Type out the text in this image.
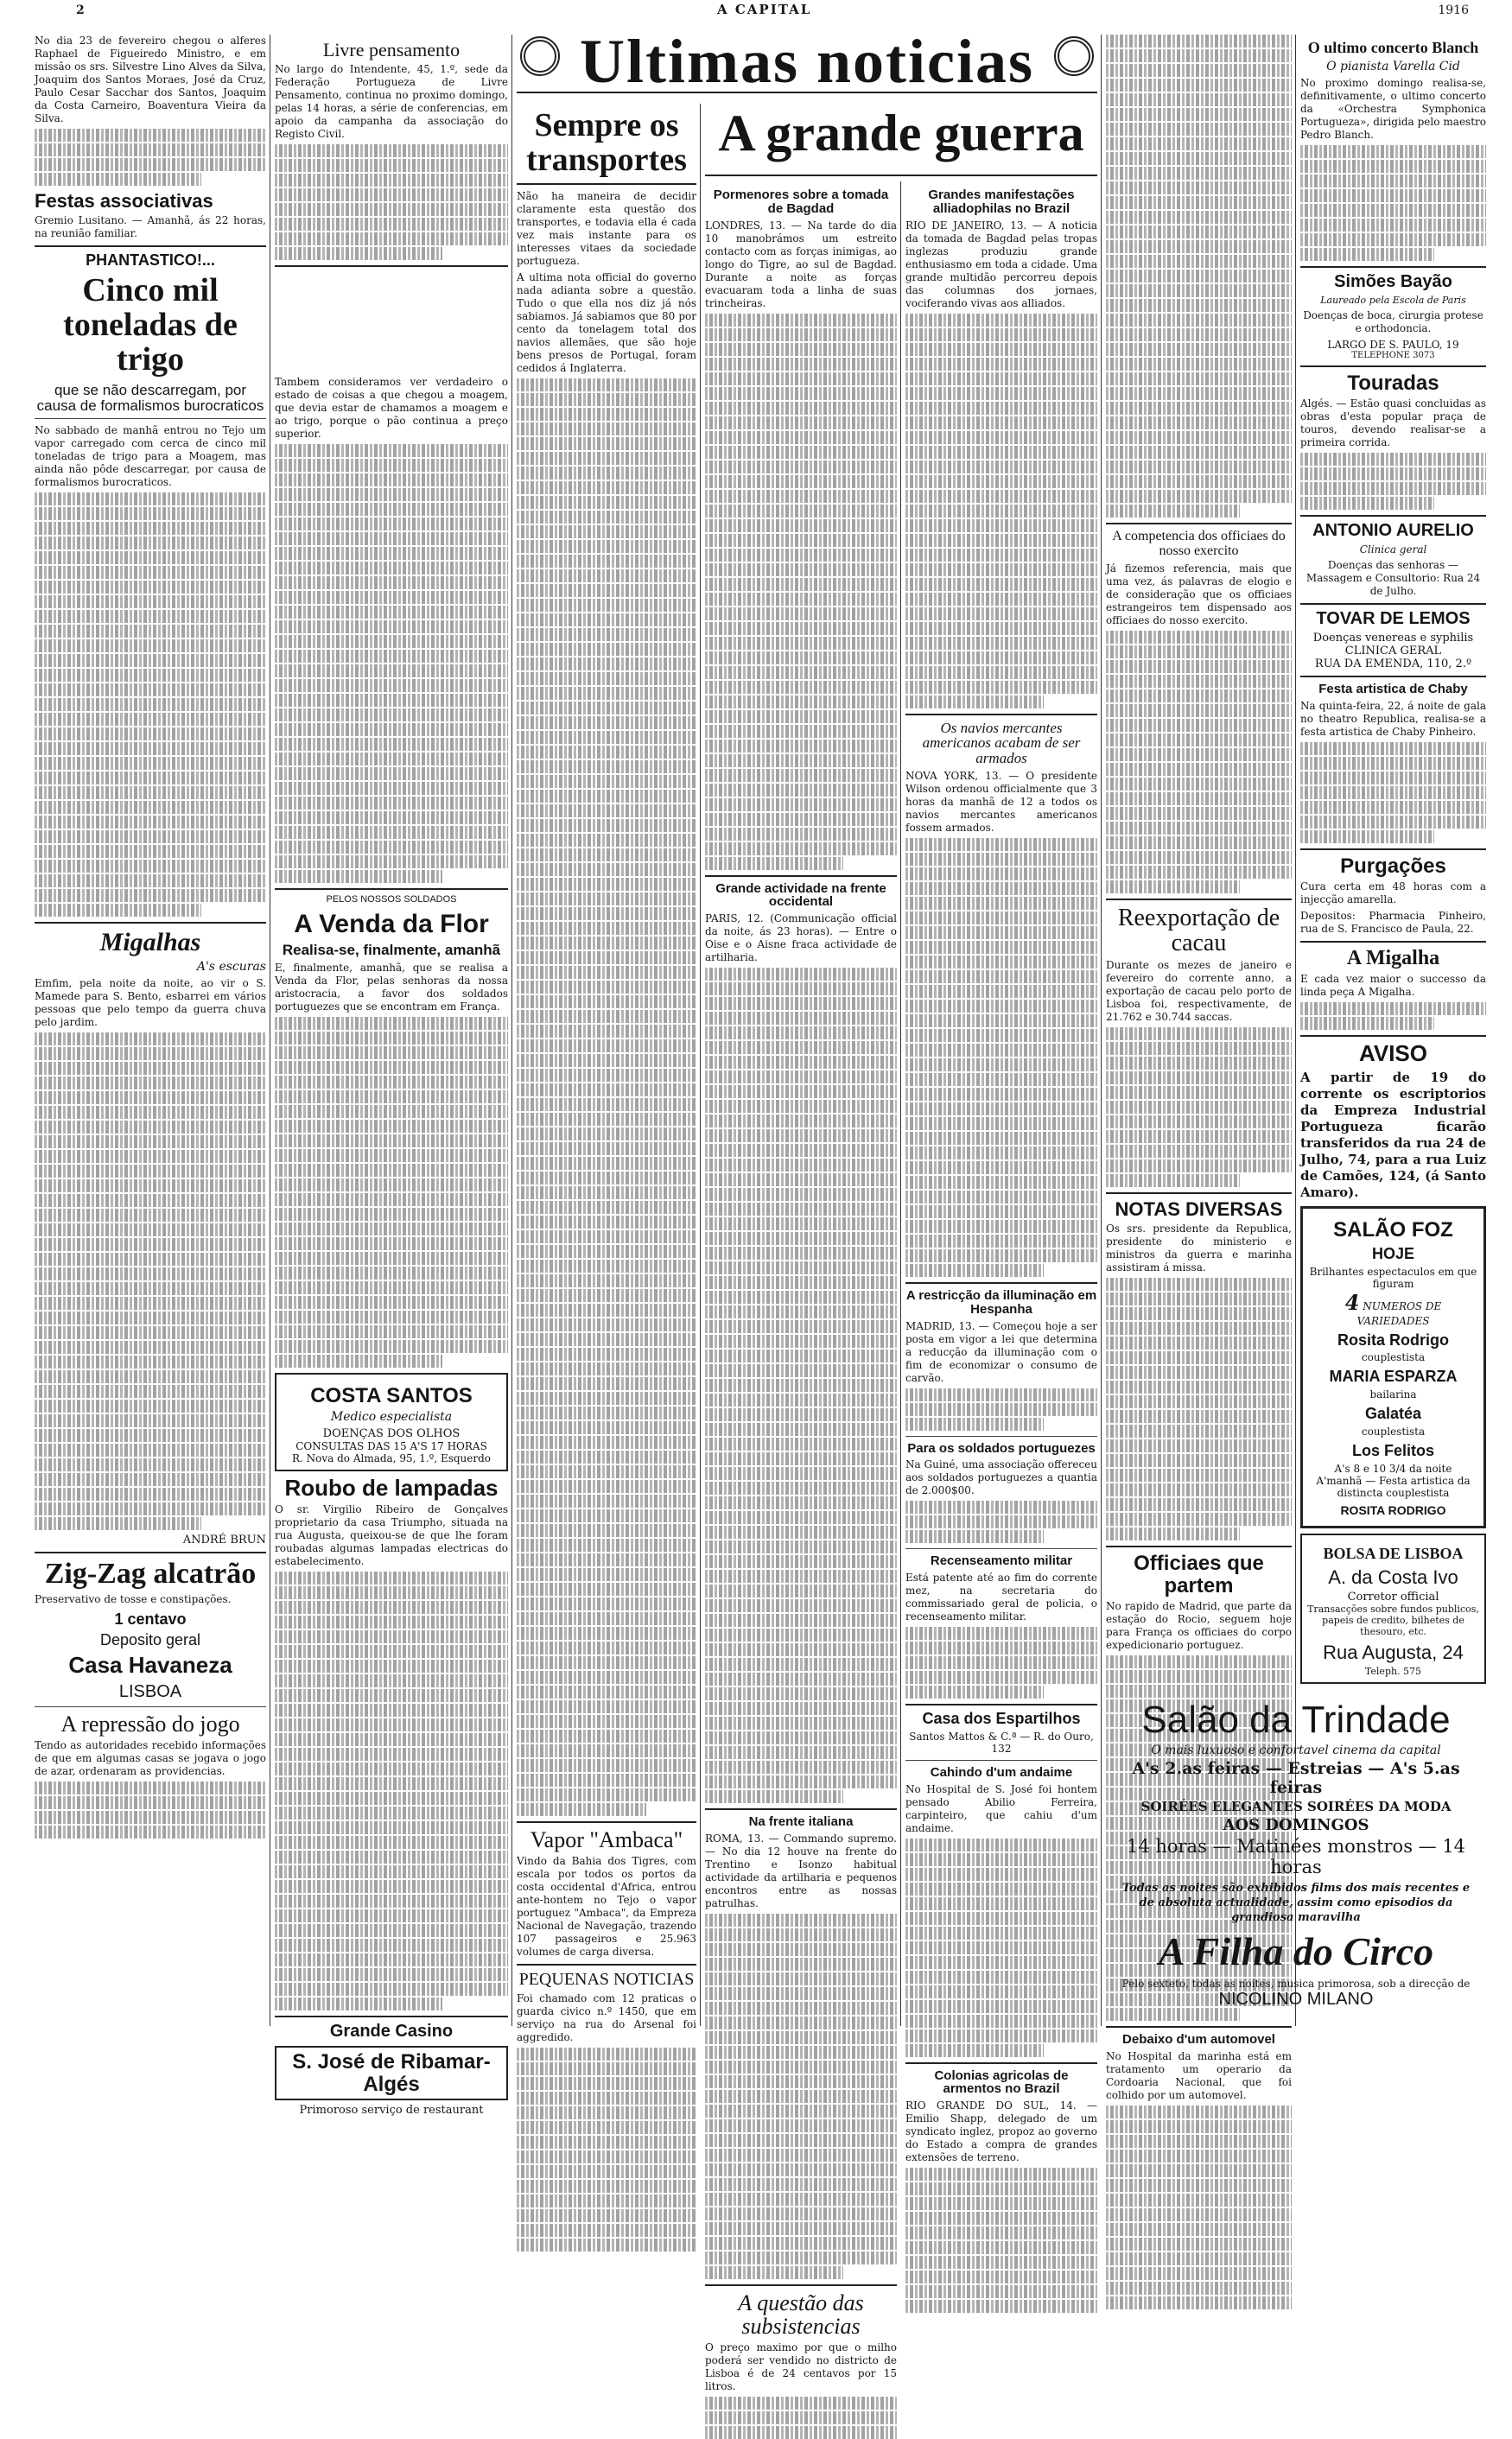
2	A CAPITAL	1916
Ultimas noticias
A grande guerra

No dia 23 de fevereiro chegou o alferes Raphael de Figueiredo Ministro, e em missão os srs. Silvestre Lino Alves da Silva, Joaquim dos Santos Moraes, José da Cruz, Paulo Cesar Sacchar dos Santos, Joaquim da Costa Carneiro, Boaventura Vieira da Silva.

Festas associativas

Gremio Lusitano. — Amanhã, ás 22 horas, na reunião familiar.

PHANTASTICO!...
Cinco mil toneladas de trigo
que se não descarregam, por causa de formalismos burocraticos

No sabbado de manhã entrou no Tejo um vapor carregado com cerca de cinco mil toneladas de trigo para a Moagem, mas ainda não pôde descarregar, por causa de formalismos burocraticos.

Migalhas
A's escuras

Emfim, pela noite da noite, ao vir o S. Mamede para S. Bento, esbarrei em vários pessoas que pelo tempo da guerra chuva pelo jardim.

ANDRÉ BRUN
Zig-Zag alcatrão

Preservativo de tosse e constipações.

1 centavo
Deposito geral
Casa Havaneza
LISBOA
A repressão do jogo

Tendo as autoridades recebido informações de que em algumas casas se jogava o jogo de azar, ordenaram as providencias.

Livre pensamento

No largo do Intendente, 45, 1.º, sede da Federação Portugueza de Livre Pensamento, continua no proximo domingo, pelas 14 horas, a série de conferencias, em apoio da campanha da associação do Registo Civil.

Tambem consideramos ver verdadeiro o estado de coisas a que chegou a moagem, que devia estar de chamamos a moagem e ao trigo, porque o pão continua a preço superior.

PELOS NOSSOS SOLDADOS
A Venda da Flor
Realisa-se, finalmente, amanhã

E, finalmente, amanhã, que se realisa a Venda da Flor, pelas senhoras da nossa aristocracia, a favor dos soldados portuguezes que se encontram em França.

COSTA SANTOS
Medico especialista
DOENÇAS DOS OLHOS
CONSULTAS DAS 15 A'S 17 HORAS
R. Nova do Almada, 95, 1.º, Esquerdo
Roubo de lampadas

O sr. Virgilio Ribeiro de Gonçalves proprietario da casa Triumpho, situada na rua Augusta, queixou-se de que lhe foram roubadas algumas lampadas electricas do estabelecimento.

Grande Casino
S. José de Ribamar-Algés
Primoroso serviço de restaurant
Sempre os transportes

Não ha maneira de decidir claramente esta questão dos transportes, e todavia ella é cada vez mais instante para os interesses vitaes da sociedade portugueza.

A ultima nota official do governo nada adianta sobre a questão. Tudo o que ella nos diz já nós sabiamos. Já sabiamos que 80 por cento da tonelagem total dos navios allemães, que são hoje bens presos de Portugal, foram cedidos á Inglaterra.

Vapor "Ambaca"

Vindo da Bahia dos Tigres, com escala por todos os portos da costa occidental d'Africa, entrou ante-hontem no Tejo o vapor portuguez "Ambaca", da Empreza Nacional de Navegação, trazendo 107 passageiros e 25.963 volumes de carga diversa.

PEQUENAS NOTICIAS

Foi chamado com 12 praticas o guarda civico n.º 1450, que em serviço na rua do Arsenal foi aggredido.

Pormenores sobre a tomada de Bagdad

LONDRES, 13. — Na tarde do dia 10 manobrámos um estreito contacto com as forças inimigas, ao longo do Tigre, ao sul de Bagdad. Durante a noite as forças evacuaram toda a linha de suas trincheiras.

Grande actividade na frente occidental

PARIS, 12. (Communicação official da noite, ás 23 horas). — Entre o Oise e o Aisne fraca actividade de artilharia.

Na frente italiana

ROMA, 13. — Commando supremo. — No dia 12 houve na frente do Trentino e Isonzo habitual actividade da artilharia e pequenos encontros entre as nossas patrulhas.

A questão das subsistencias

O preço maximo por que o milho poderá ser vendido no districto de Lisboa é de 24 centavos por 15 litros.

Grandes manifestações alliadophilas no Brazil

RIO DE JANEIRO, 13. — A noticia da tomada de Bagdad pelas tropas inglezas produziu grande enthusiasmo em toda a cidade. Uma grande multidão percorreu depois das columnas dos jornaes, vociferando vivas aos alliados.

Os navios mercantes americanos acabam de ser armados

NOVA YORK, 13. — O presidente Wilson ordenou officialmente que 3 horas da manhã de 12 a todos os navios mercantes americanos fossem armados.

A restricção da illuminação em Hespanha

MADRID, 13. — Começou hoje a ser posta em vigor a lei que determina a reducção da illuminação com o fim de economizar o consumo de carvão.

Para os soldados portuguezes

Na Guiné, uma associação offereceu aos soldados portuguezes a quantia de 2.000$00.

Recenseamento militar

Está patente até ao fim do corrente mez, na secretaria do commissariado geral de policia, o recenseamento militar.

Casa dos Espartilhos
Santos Mattos & C.ª — R. do Ouro, 132
Cahindo d'um andaime

No Hospital de S. José foi hontem pensado Abilio Ferreira, carpinteiro, que cahiu d'um andaime.

Colonias agricolas de armentos no Brazil

RIO GRANDE DO SUL, 14. — Emilio Shapp, delegado de um syndicato inglez, propoz ao governo do Estado a compra de grandes extensões de terreno.

A competencia dos officiaes do nosso exercito

Já fizemos referencia, mais que uma vez, ás palavras de elogio e de consideração que os officiaes estrangeiros tem dispensado aos officiaes do nosso exercito.

Reexportação de cacau

Durante os mezes de janeiro e fevereiro do corrente anno, a exportação de cacau pelo porto de Lisboa foi, respectivamente, de 21.762 e 30.744 saccas.

NOTAS DIVERSAS

Os srs. presidente da Republica, presidente do ministerio e ministros da guerra e marinha assistiram á missa.

Officiaes que partem

No rapido de Madrid, que parte da estação do Rocio, seguem hoje para França os officiaes do corpo expedicionario portuguez.

Debaixo d'um automovel

No Hospital da marinha está em tratamento um operario da Cordoaria Nacional, que foi colhido por um automovel.

O ultimo concerto Blanch
O pianista Varella Cid

No proximo domingo realisa-se, definitivamente, o ultimo concerto da «Orchestra Symphonica Portugueza», dirigida pelo maestro Pedro Blanch.

Simões Bayão
Laureado pela Escola de Paris

Doenças de boca, cirurgia protese e orthodoncia.

LARGO DE S. PAULO, 19
TELEPHONE 3073
Touradas

Algés. — Estão quasi concluidas as obras d'esta popular praça de touros, devendo realisar-se a primeira corrida.

ANTONIO AURELIO
Clinica geral

Doenças das senhoras — Massagem e Consultorio: Rua 24 de Julho.

TOVAR DE LEMOS
Doenças venereas e syphilis
CLINICA GERAL
RUA DA EMENDA, 110, 2.º
Festa artistica de Chaby

Na quinta-feira, 22, á noite de gala no theatro Republica, realisa-se a festa artistica de Chaby Pinheiro.

Purgações

Cura certa em 48 horas com a injecção amarella.

Depositos: Pharmacia Pinheiro, rua de S. Francisco de Paula, 22.

A Migalha

E cada vez maior o successo da linda peça A Migalha.

AVISO

A partir de 19 do corrente os escriptorios da Empreza Industrial Portugueza ficarão transferidos da rua 24 de Julho, 74, para a rua Luiz de Camões, 124, (á Santo Amaro).

SALÃO FOZ
HOJE
Brilhantes espectaculos em que figuram
4 NUMEROS DE VARIEDADES
Rosita Rodrigo
couplestista
MARIA ESPARZA
bailarina
Galatéa
couplestista
Los Felitos
A's 8 e 10 3/4 da noite
A'manhã — Festa artistica da distincta couplestista
ROSITA RODRIGO
BOLSA DE LISBOA
A. da Costa Ivo
Corretor official
Transacções sobre fundos publicos, papeis de credito, bilhetes de thesouro, etc.
Rua Augusta, 24
Teleph. 575
Salão da Trindade
O mais luxuoso e confortavel cinema da capital
A's 2.as feiras — Estreias — A's 5.as feiras
SOIRÉES ELEGANTES SOIRÉES DA MODA
AOS DOMINGOS
14 horas — Matinées monstros — 14 horas
Todas as noites são exhibidos films dos mais recentes e de absoluta actualidade, assim como episodios da grandiosa maravilha
A Filha do Circo
Pelo sexteto, todas as noites, musica primorosa, sob a direcção de
NICOLINO MILANO
